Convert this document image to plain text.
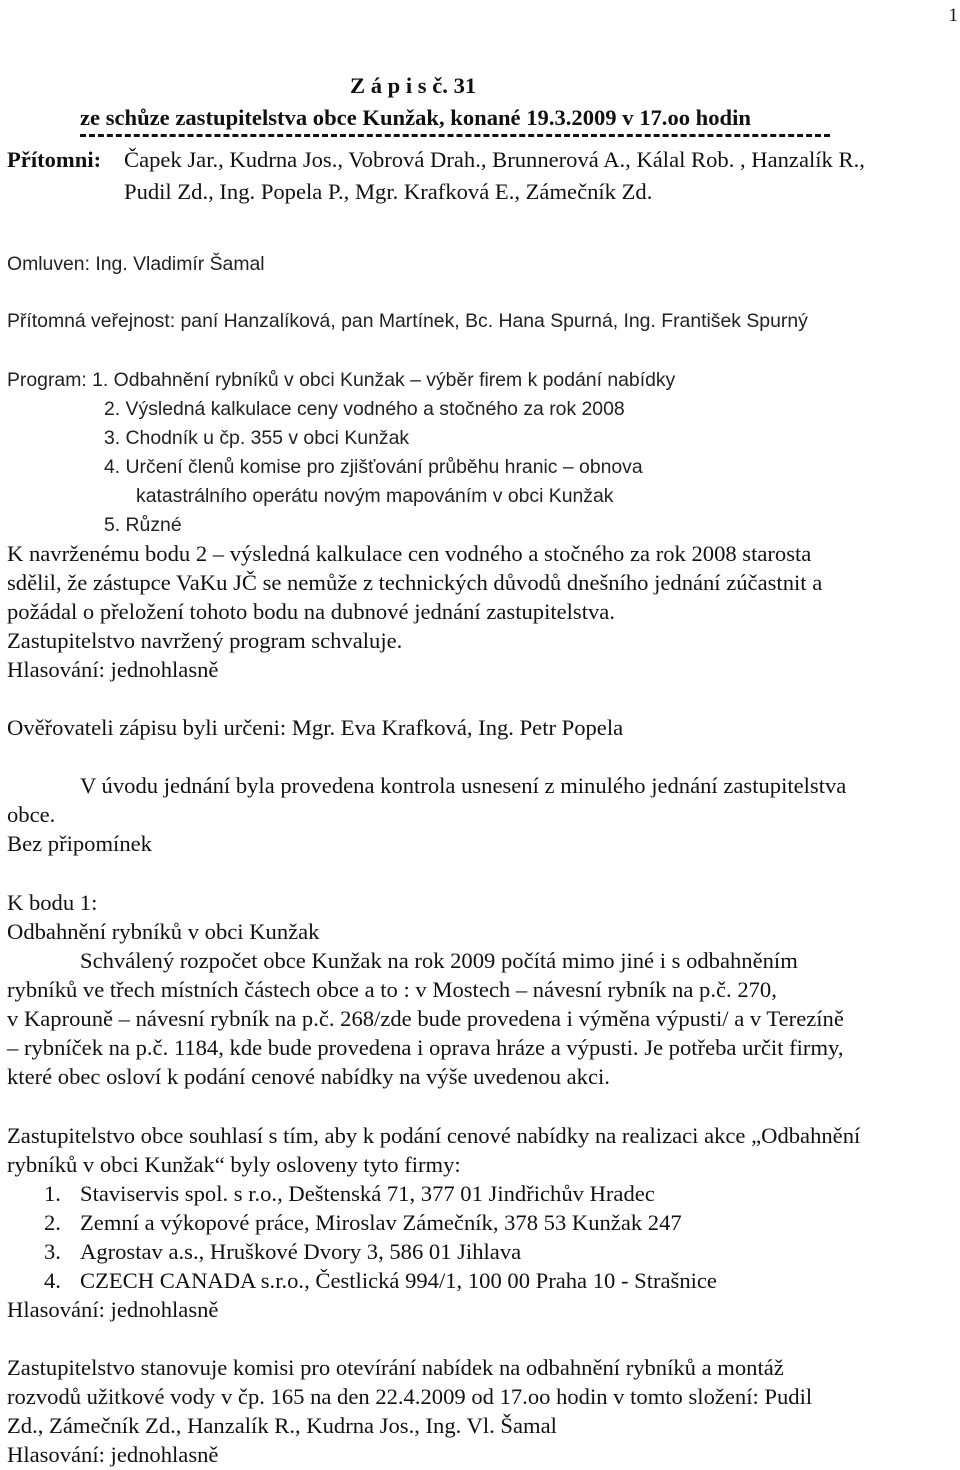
1

Z á p i s č. 31

ze schůze zastupitelstva obce Kunžak, konané 19.3.2009 v 17.oo hodin

Přítomni: Čapek Jar., Kudrna Jos., Vobrová Drah., Brunnerová A., Kálal Rob. , Hanzalík R.,

Pudil Zd., Ing. Popela P., Mgr. Krafková E., Zámečník Zd.

Omluven: Ing. Vladimír Šamal

Přítomná veřejnost: paní Hanzalíková, pan Martínek, Bc. Hana Spurná, Ing. František Spurný

Program: 1. Odbahnění rybníků v obci Kunžak – výběr firem k podání nabídky

2. Výsledná kalkulace ceny vodného a stočného za rok 2008

3. Chodník u čp. 355 v obci Kunžak

4. Určení členů komise pro zjišťování průběhu hranic – obnova

katastrálního operátu novým mapováním v obci Kunžak

5. Různé

K navrženému bodu 2 – výsledná kalkulace cen vodného a stočného za rok 2008 starosta

sdělil, že zástupce VaKu JČ se nemůže z technických důvodů dnešního jednání zúčastnit a

požádal o přeložení tohoto bodu na dubnové jednání zastupitelstva.

Zastupitelstvo navržený program schvaluje.

Hlasování: jednohlasně

Ověřovateli zápisu byli určeni: Mgr. Eva Krafková, Ing. Petr Popela

V úvodu jednání byla provedena kontrola usnesení z minulého jednání zastupitelstva

obce.

Bez připomínek

K bodu 1:

Odbahnění rybníků v obci Kunžak

Schválený rozpočet obce Kunžak na rok 2009 počítá mimo jiné i s odbahněním

rybníků ve třech místních částech obce a to : v Mostech – návesní rybník na p.č. 270,

v Kaprouně – návesní rybník na p.č. 268/zde bude provedena i výměna výpusti/ a v Terezíně

– rybníček na p.č. 1184, kde bude provedena i oprava hráze a výpusti. Je potřeba určit firmy,

které obec osloví k podání cenové nabídky na výše uvedenou akci.

Zastupitelstvo obce souhlasí s tím, aby k podání cenové nabídky na realizaci akce „Odbahnění

rybníků v obci Kunžak“ byly osloveny tyto firmy:

1. Staviservis spol. s r.o., Deštenská 71, 377 01 Jindřichův Hradec

2. Zemní a výkopové práce, Miroslav Zámečník, 378 53 Kunžak 247

3. Agrostav a.s., Hruškové Dvory 3, 586 01 Jihlava

4. CZECH CANADA s.r.o., Čestlická 994/1, 100 00 Praha 10 - Strašnice

Hlasování: jednohlasně

Zastupitelstvo stanovuje komisi pro otevírání nabídek na odbahnění rybníků a montáž

rozvodů užitkové vody v čp. 165 na den 22.4.2009 od 17.oo hodin v tomto složení: Pudil

Zd., Zámečník Zd., Hanzalík R., Kudrna Jos., Ing. Vl. Šamal

Hlasování: jednohlasně
